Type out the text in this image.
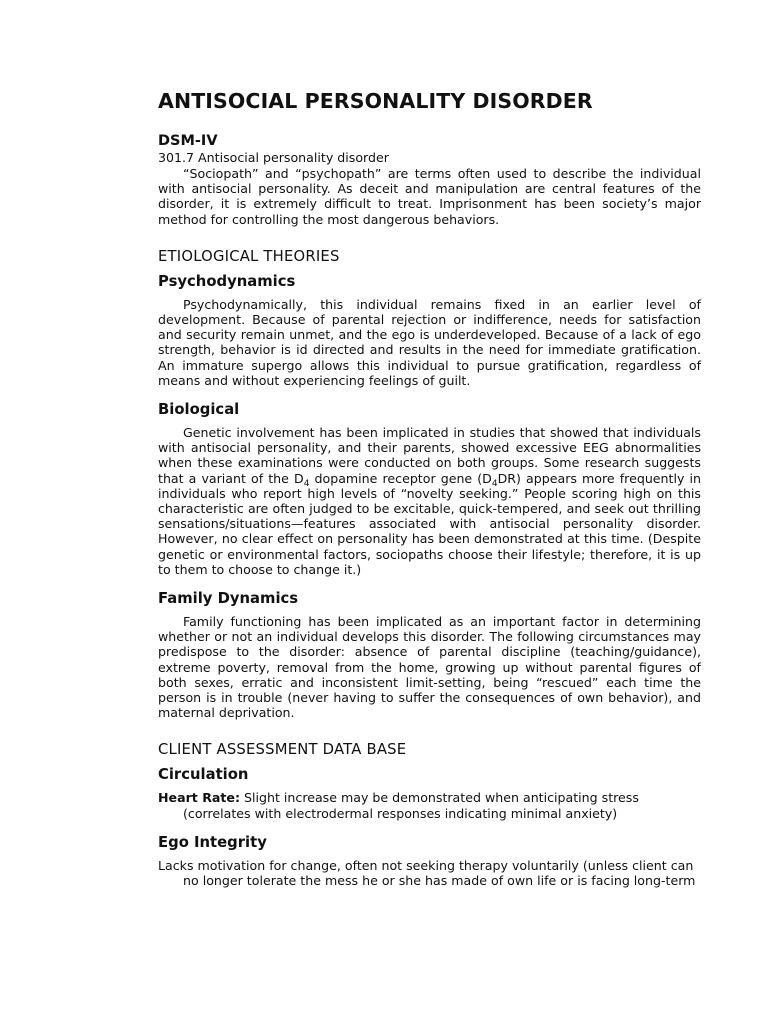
ANTISOCIAL PERSONALITY DISORDER
DSM-IV
301.7 Antisocial personality disorder

“Sociopath” and “psychopath” are terms often used to describe the individual with antisocial personality. As deceit and manipulation are central features of the disorder, it is extremely difficult to treat. Imprisonment has been society’s major method for controlling the most dangerous behaviors.

ETIOLOGICAL THEORIES
Psychodynamics

Psychodynamically, this individual remains fixed in an earlier level of development. Because of parental rejection or indifference, needs for satisfaction and security remain unmet, and the ego is underdeveloped. Because of a lack of ego strength, behavior is id directed and results in the need for immediate gratification. An immature supergo allows this individual to pursue gratification, regardless of means and without experiencing feelings of guilt.

Biological

Genetic involvement has been implicated in studies that showed that individuals with antisocial personality, and their parents, showed excessive EEG abnormalities when these examinations were conducted on both groups. Some research suggests that a variant of the $D_4$ dopamine receptor gene $(D_4DR)$ appears more frequently in individuals who report high levels of “novelty seeking.” People scoring high on this characteristic are often judged to be excitable, quick-tempered, and seek out thrilling sensations/situations—features associated with antisocial personality disorder. However, no clear effect on personality has been demonstrated at this time. (Despite genetic or environmental factors, sociopaths choose their lifestyle; therefore, it is up to them to choose to change it.)

Family Dynamics

Family functioning has been implicated as an important factor in determining whether or not an individual develops this disorder. The following circumstances may predispose to the disorder: absence of parental discipline (teaching/guidance), extreme poverty, removal from the home, growing up without parental figures of both sexes, erratic and inconsistent limit-setting, being “rescued” each time the person is in trouble (never having to suffer the consequences of own behavior), and maternal deprivation.

CLIENT ASSESSMENT DATA BASE
Circulation

Heart Rate: Slight increase may be demonstrated when anticipating stress (correlates with electrodermal responses indicating minimal anxiety)

Ego Integrity

Lacks motivation for change, often not seeking therapy voluntarily (unless client can no longer tolerate the mess he or she has made of own life or is facing long-term
